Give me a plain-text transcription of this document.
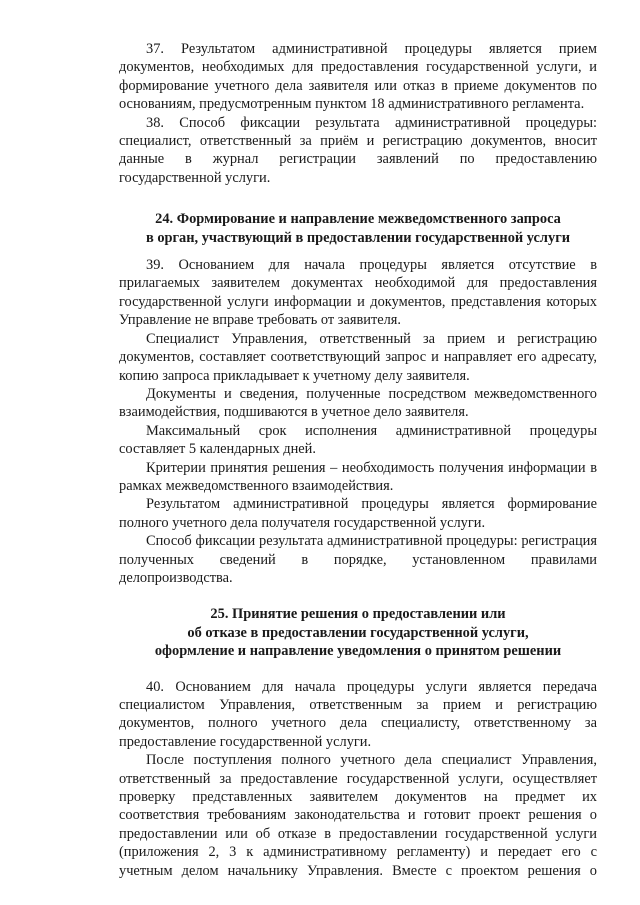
37. Результатом административной процедуры является прием документов, необходимых для предоставления государственной услуги, и формирование учетного дела заявителя или отказ в приеме документов по основаниям, предусмотренным пунктом 18 административного регламента.

38. Способ фиксации результата административной процедуры: специалист, ответственный за приём и регистрацию документов, вносит данные в журнал регистрации заявлений по предоставлению государственной услуги.

24. Формирование и направление межведомственного запроса
в орган, участвующий в предоставлении государственной услуги

39. Основанием для начала процедуры является отсутствие в прилагаемых заявителем документах необходимой для предоставления государственной услуги информации и документов, представления которых Управление не вправе требовать от заявителя.

Специалист Управления, ответственный за прием и регистрацию документов, составляет соответствующий запрос и направляет его адресату, копию запроса прикладывает к учетному делу заявителя.

Документы и сведения, полученные посредством межведомственного взаимодействия, подшиваются в учетное дело заявителя.

Максимальный срок исполнения административной процедуры составляет 5 календарных дней.

Критерии принятия решения – необходимость получения информации в рамках межведомственного взаимодействия.

Результатом административной процедуры является формирование полного учетного дела получателя государственной услуги.

Способ фиксации результата административной процедуры: регистрация полученных сведений в порядке, установленном правилами делопроизводства.

25. Принятие решения о предоставлении или
об отказе в предоставлении государственной услуги,
оформление и направление уведомления о принятом решении

40. Основанием для начала процедуры услуги является передача специалистом Управления, ответственным за прием и регистрацию документов, полного учетного дела специалисту, ответственному за предоставление государственной услуги.

После поступления полного учетного дела специалист Управления, ответственный за предоставление государственной услуги, осуществляет проверку представленных заявителем документов на предмет их соответствия требованиям законодательства и готовит проект решения о предоставлении или об отказе в предоставлении государственной услуги (приложения 2, 3 к административному регламенту) и передает его с учетным делом начальнику Управления. Вместе с проектом решения о
